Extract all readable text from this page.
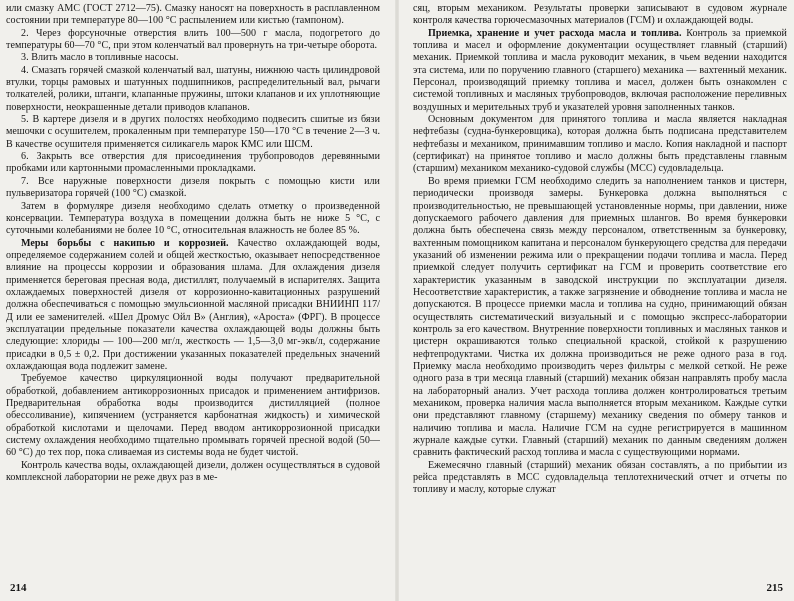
или смазку АМС (ГОСТ 2712—75). Смазку наносят на поверхность в расплавленном состоянии при температуре 80—100 °С распылением или кистью (тампоном).

2. Через форсуночные отверстия влить 100—500 г масла, подогретого до температуры 60—70 °С, при этом коленчатый вал провернуть на три-четыре оборота.

3. Влить масло в топливные насосы.

4. Смазать горячей смазкой коленчатый вал, шатуны, нижнюю часть цилиндровой втулки, торцы рамовых и шатунных подшипников, распределительный вал, рычаги толкателей, ролики, штанги, клапанные пружины, штоки клапанов и их уплотняющие поверхности, неокрашенные детали приводов клапанов.

5. В картере дизеля и в других полостях необходимо подвесить сшитые из бязи мешочки с осушителем, прокаленным при температуре 150—170 °С в течение 2—3 ч. В качестве осушителя применяется силикагель марок КМС или ШСМ.

6. Закрыть все отверстия для присоединения трубопроводов деревянными пробками или картонными промасленными прокладками.

7. Все наружные поверхности дизеля покрыть с помощью кисти или пульверизатора горячей (100 °С) смазкой.

Затем в формуляре дизеля необходимо сделать отметку о произведенной консервации. Температура воздуха в помещении должна быть не ниже 5 °С, с суточными колебаниями не более 10 °С, относительная влажность не более 85 %.

Меры борьбы с накипью и коррозией. Качество охлаждающей воды, определяемое содержанием солей и общей жесткостью, оказывает непосредственное влияние на процессы коррозии и образования шлама. Для охлаждения дизеля применяется береговая пресная вода, дистиллят, получаемый в испарителях. Защита охлаждаемых поверхностей дизеля от коррозионно-кавитационных разрушений должна обеспечиваться с помощью эмульсионной масляной присадки ВНИИНП 117/Д или ее заменителей. «Шел Дромус Ойл В» (Англия), «Ароста» (ФРГ). В процессе эксплуатации предельные показатели качества охлаждающей воды должны быть следующие: хлориды — 100—200 мг/л, жесткость — 1,5—3,0 мг-экв/л, содержание присадки в 0,5 ± 0,2. При достижении указанных показателей предельных значений охлаждающая вода подлежит замене.

Требуемое качество циркуляционной воды получают предварительной обработкой, добавлением антикоррозионных присадок и применением антифризов. Предварительная обработка воды производится дистилляцией (полное обессоливание), кипячением (устраняется карбонатная жидкость) и химической обработкой кислотами и щелочами. Перед вводом антикоррозионной присадки систему охлаждения необходимо тщательно промывать горячей пресной водой (50—60 °С) до тех пор, пока сливаемая из системы вода не будет чистой.

Контроль качества воды, охлаждающей дизели, должен осуществляться в судовой комплексной лаборатории не реже двух раз в ме-

214

сяц, вторым механиком. Результаты проверки записывают в судовом журнале контроля качества горючесмазочных материалов (ГСМ) и охлаждающей воды.

Приемка, хранение и учет расхода масла и топлива. Контроль за приемкой топлива и масел и оформление документации осуществляет главный (старший) механик. Приемкой топлива и масла руководит механик, в чьем ведении находится эта система, или по поручению главного (старшего) механика — вахтенный механик. Персонал, производящий приемку топлива и масел, должен быть ознакомлен с системой топливных и масляных трубопроводов, включая расположение переливных воздушных и мерительных труб и указателей уровня заполненных танков.

Основным документом для принятого топлива и масла является накладная нефтебазы (судна-бункеровщика), которая должна быть подписана представителем нефтебазы и механиком, принимавшим топливо и масло. Копия накладной и паспорт (сертификат) на принятое топливо и масло должны быть представлены главным (старшим) механиком механико-судовой службы (МСС) судовладельца.

Во время приемки ГСМ необходимо следить за наполнением танков и цистерн, периодически производя замеры. Бункеровка должна выполняться с производительностью, не превышающей установленные нормы, при давлении, ниже допускаемого рабочего давления для приемных шлангов. Во время бункеровки должна быть обеспечена связь между персоналом, ответственным за бункеровку, вахтенным помощником капитана и персоналом бункерующего средства для передачи указаний об изменении режима или о прекращении подачи топлива и масла. Перед приемкой следует получить сертификат на ГСМ и проверить соответствие его характеристик указанным в заводской инструкции по эксплуатации дизеля. Несоответствие характеристик, а также загрязнение и обводнение топлива и масла не допускаются. В процессе приемки масла и топлива на судно, принимающий обязан осуществлять систематический визуальный и с помощью экспресс-лаборатории контроль за его качеством. Внутренние поверхности топливных и масляных танков и цистерн окрашиваются только специальной краской, стойкой к разрушению нефтепродуктами. Чистка их должна производиться не реже одного раза в год. Приемку масла необходимо производить через фильтры с мелкой сеткой. Не реже одного раза в три месяца главный (старший) механик обязан направлять пробу масла на лабораторный анализ. Учет расхода топлива должен контролироваться третьим механиком, проверка наличия масла выполняется вторым механиком. Каждые сутки они представляют главному (старшему) механику сведения по обмеру танков и наличию топлива и масла. Наличие ГСМ на судне регистрируется в машинном журнале каждые сутки. Главный (старший) механик по данным сведениям должен сравнить фактический расход топлива и масла с существующими нормами.

Ежемесячно главный (старший) механик обязан составлять, а по прибытии из рейса представлять в МСС судовладельца теплотехнический отчет и отчеты по топливу и маслу, которые служат

215
